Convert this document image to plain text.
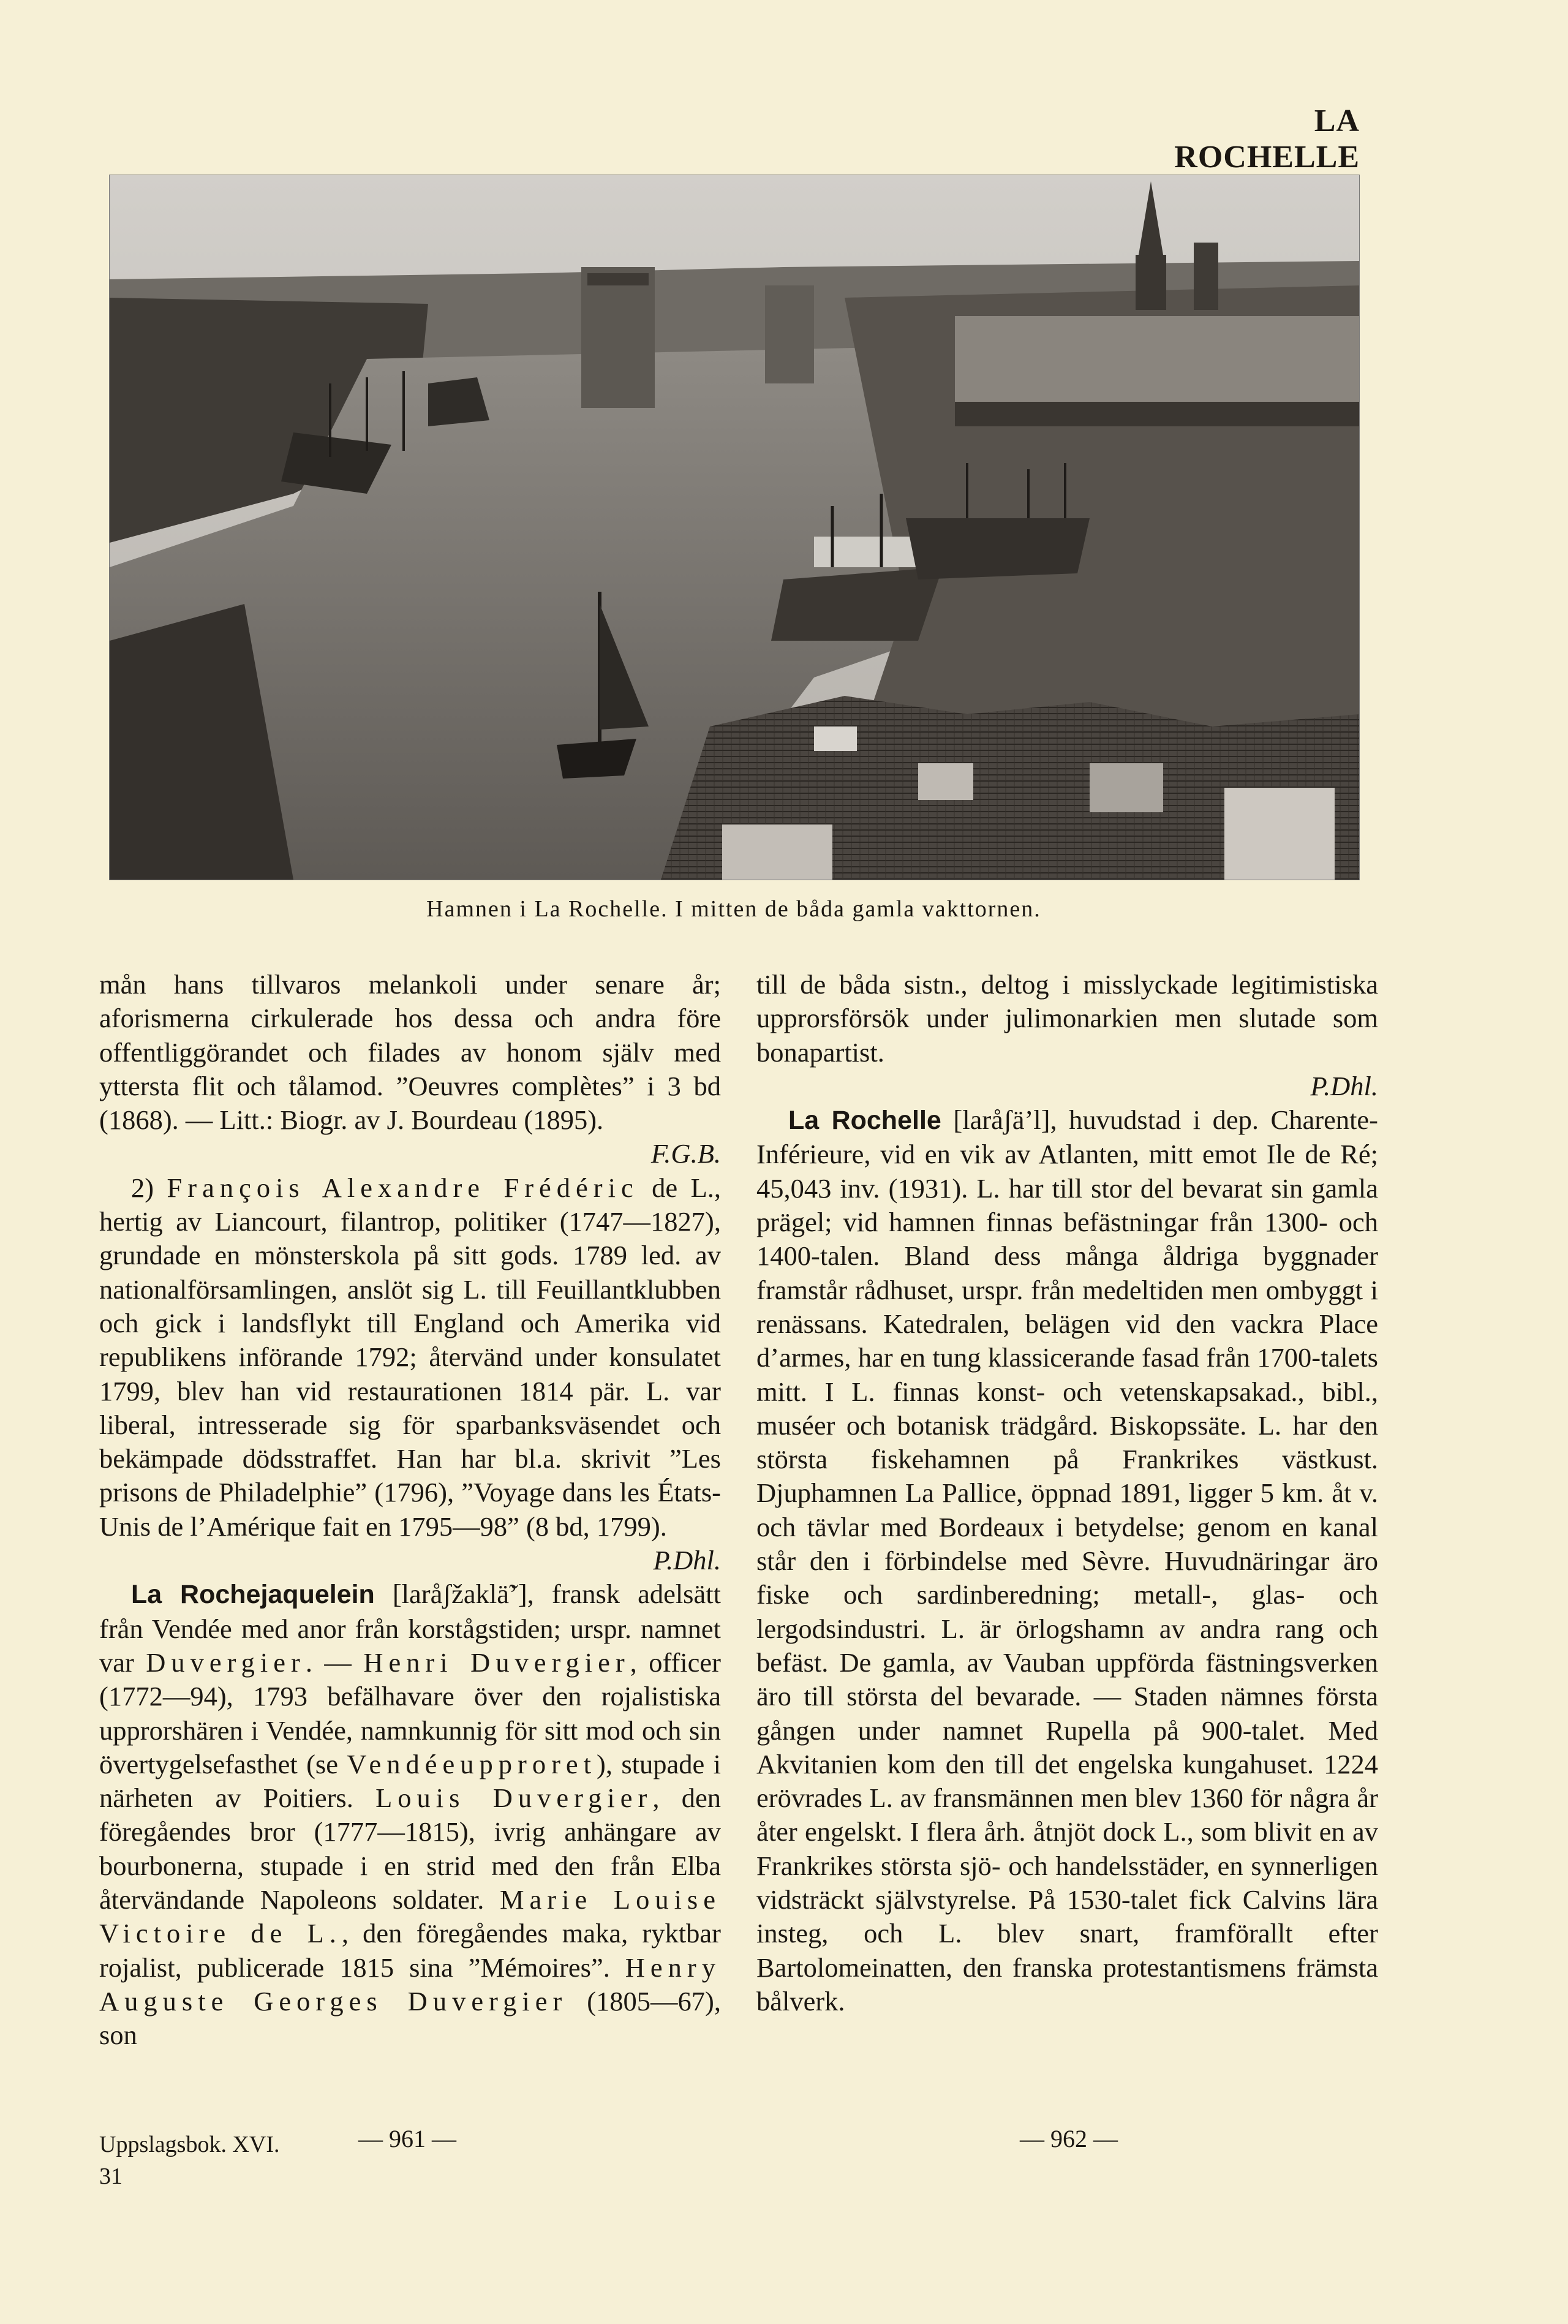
LA ROCHELLE
Hamnen i La Rochelle. I mitten de båda gamla vakttornen.

mån hans tillvaros melankoli under senare år; aforismerna cirkulerade hos dessa och andra före offentliggörandet och filades av honom själv med yttersta flit och tålamod. ”Oeuvres complètes” i 3 bd (1868). — Litt.: Biogr. av J. Bourdeau (1895).
F.G.B.

2) François Alexandre Frédéric de L., hertig av Liancourt, filantrop, politiker (1747—1827), grundade en mönsterskola på sitt gods. 1789 led. av nationalförsamlingen, anslöt sig L. till Feuillantklubben och gick i landsflykt till England och Amerika vid republikens införande 1792; återvänd under konsulatet 1799, blev han vid restaurationen 1814 pär. L. var liberal, intresserade sig för sparbanksväsendet och bekämpade dödsstraffet. Han har bl.a. skrivit ”Les prisons de Philadelphie” (1796), ”Voyage dans les États-Unis de l’Amérique fait en 1795—98” (8 bd, 1799).
P.Dhl.

La Rochejaquelein [laråʃžaklä̃’], fransk adelsätt från Vendée med anor från korstågstiden; urspr. namnet var Duvergier. — Henri Duvergier, officer (1772—94), 1793 befälhavare över den rojalistiska upprorshären i Vendée, namnkunnig för sitt mod och sin övertygelsefasthet (se Vendéeupproret), stupade i närheten av Poitiers. Louis Duvergier, den föregåendes bror (1777—1815), ivrig anhängare av bourbonerna, stupade i en strid med den från Elba återvändande Napoleons soldater. Marie Louise Victoire de L., den föregåendes maka, ryktbar rojalist, publicerade 1815 sina ”Mémoires”. Henry Auguste Georges Duvergier (1805—67), son

till de båda sistn., deltog i misslyckade legitimistiska upprorsförsök under julimonarkien men slutade som bonapartist.
P.Dhl.

La Rochelle [laråʃä’l], huvudstad i dep. Charente-Inférieure, vid en vik av Atlanten, mitt emot Ile de Ré; 45,043 inv. (1931). L. har till stor del bevarat sin gamla prägel; vid hamnen finnas befästningar från 1300- och 1400-talen. Bland dess många åldriga byggnader framstår rådhuset, urspr. från medeltiden men ombyggt i renässans. Katedralen, belägen vid den vackra Place d’armes, har en tung klassicerande fasad från 1700-talets mitt. I L. finnas konst- och vetenskapsakad., bibl., muséer och botanisk trädgård. Biskopssäte. L. har den största fiskehamnen på Frankrikes västkust. Djuphamnen La Pallice, öppnad 1891, ligger 5 km. åt v. och tävlar med Bordeaux i betydelse; genom en kanal står den i förbindelse med Sèvre. Huvudnäringar äro fiske och sardinberedning; metall-, glas- och lergodsindustri. L. är örlogshamn av andra rang och befäst. De gamla, av Vauban uppförda fästningsverken äro till största del bevarade. — Staden nämnes första gången under namnet Rupella på 900-talet. Med Akvitanien kom den till det engelska kungahuset. 1224 erövrades L. av fransmännen men blev 1360 för några år åter engelskt. I flera årh. åtnjöt dock L., som blivit en av Frankrikes största sjö- och handelsstäder, en synnerligen vidsträckt självstyrelse. På 1530-talet fick Calvins lära insteg, och L. blev snart, framförallt efter Bartolomeinatten, den franska protestantismens främsta bålverk.

Uppslagsbok. XVI.
31
— 961 —	— 962 —
